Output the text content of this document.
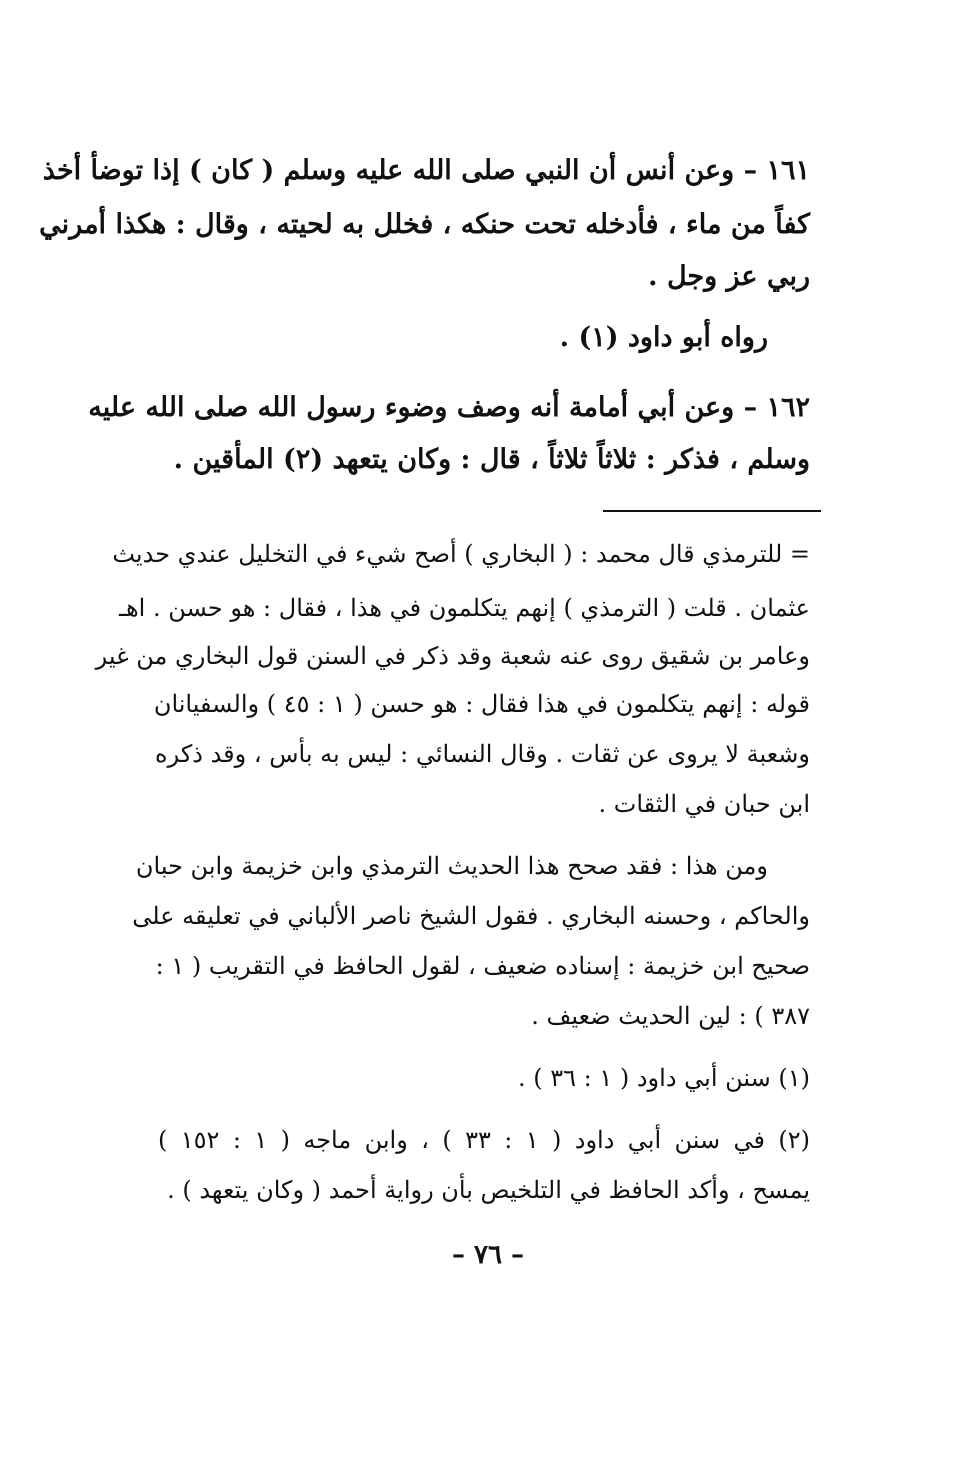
١٦١ – وعن أنس أن النبي صلى الله عليه وسلم ( كان ) إذا توضأ أخذ
كفاً من ماء ، فأدخله تحت حنكه ، فخلل به لحيته ، وقال : هكذا أمرني
ربي عز وجل .
رواه أبو داود (١) .
١٦٢ – وعن أبي أمامة أنه وصف وضوء رسول الله صلى الله عليه
وسلم ، فذكر : ثلاثاً ثلاثاً ، قال : وكان يتعهد (٢) المأقين .
= للترمذي قال محمد : ( البخاري ) أصح شيء في التخليل عندي حديث
عثمان . قلت ( الترمذي ) إنهم يتكلمون في هذا ، فقال : هو حسن . اهـ
وعامر بن شقيق روى عنه شعبة وقد ذكر في السنن قول البخاري من غير
قوله : إنهم يتكلمون في هذا فقال : هو حسن ( ١ : ٤٥ ) والسفيانان
وشعبة لا يروى عن ثقات . وقال النسائي : ليس به بأس ، وقد ذكره
ابن حبان في الثقات .
ومن هذا : فقد صحح هذا الحديث الترمذي وابن خزيمة وابن حبان
والحاكم ، وحسنه البخاري . فقول الشيخ ناصر الألباني في تعليقه على
صحيح ابن خزيمة : إسناده ضعيف ، لقول الحافظ في التقريب ( ١ :
٣٨٧ ) : لين الحديث ضعيف .
(١) سنن أبي داود ( ١ : ٣٦ ) .
(٢) في سنن أبي داود ( ١ : ٣٣ ) ، وابن ماجه ( ١ : ١٥٢ )
يمسح ، وأكد الحافظ في التلخيص بأن رواية أحمد ( وكان يتعهد ) .
– ٧٦ –
